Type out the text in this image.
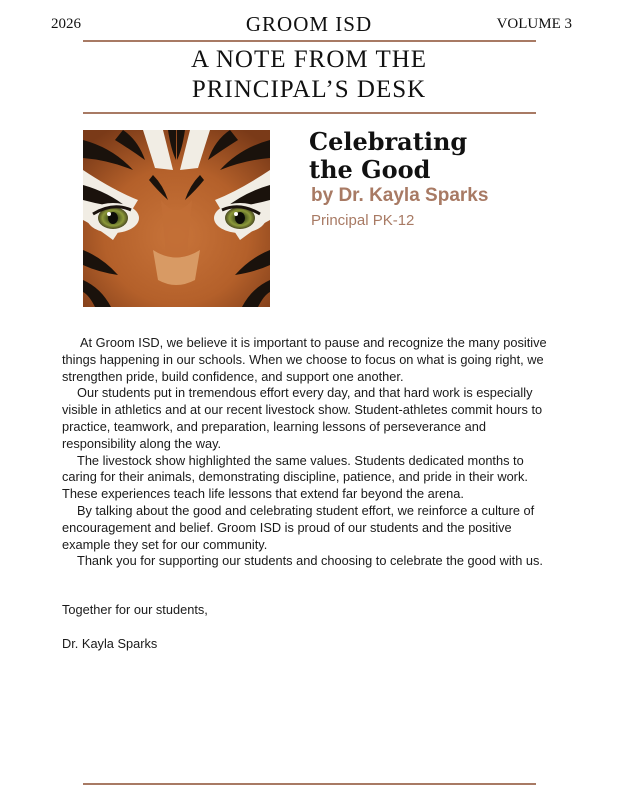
2026	GROOM ISD	VOLUME 3
A NOTE FROM THE
PRINCIPAL’S DESK
Celebrating
the Good
by Dr. Kayla Sparks
Principal PK-12

At Groom ISD, we believe it is important to pause and recognize the many positive things happening in our schools. When we choose to focus on what is going right, we strengthen pride, build confidence, and support one another.

Our students put in tremendous effort every day, and that hard work is especially visible in athletics and at our recent livestock show. Student-athletes commit hours to practice, teamwork, and preparation, learning lessons of perseverance and responsibility along the way.

The livestock show highlighted the same values. Students dedicated months to caring for their animals, demonstrating discipline, patience, and pride in their work. These experiences teach life lessons that extend far beyond the arena.

By talking about the good and celebrating student effort, we reinforce a culture of encouragement and belief. Groom ISD is proud of our students and the positive example they set for our community.

Thank you for supporting our students and choosing to celebrate the good with us.

Together for our students,
Dr. Kayla Sparks
